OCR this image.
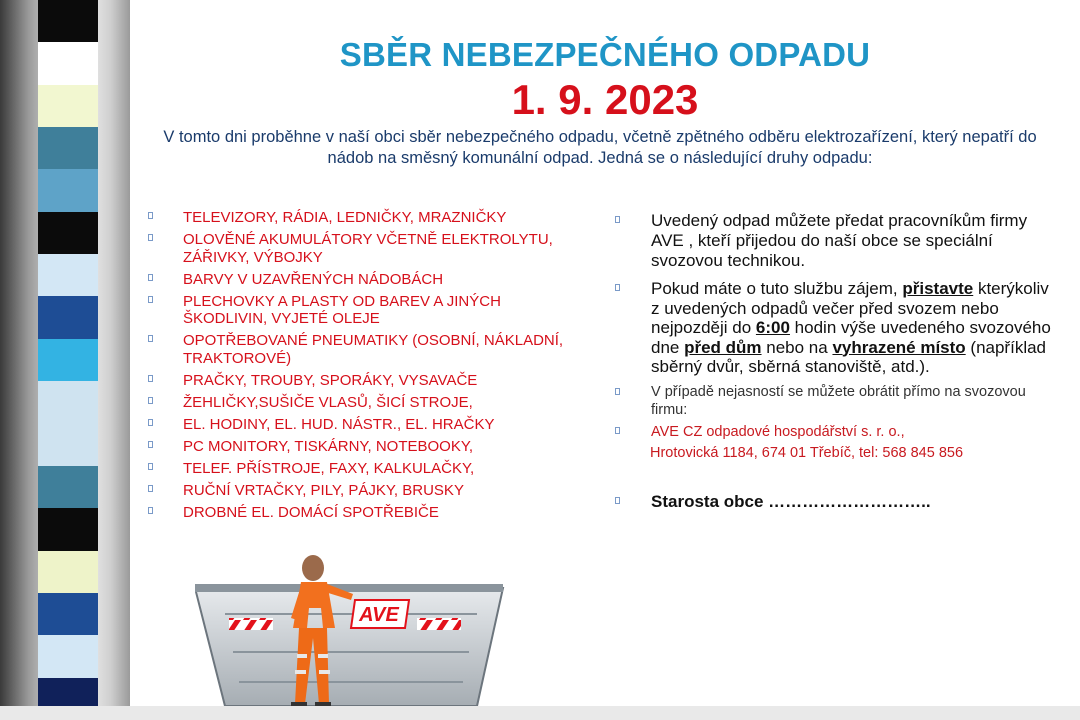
SBĚR NEBEZPEČNÉHO ODPADU
1. 9. 2023

V tomto dni proběhne v naší obci sběr nebezpečného odpadu, včetně zpětného odběru elektrozařízení, který nepatří do nádob na směsný komunální odpad. Jedná se o následující druhy odpadu:

TELEVIZORY, RÁDIA, LEDNIČKY, MRAZNIČKY
OLOVĚNÉ AKUMULÁTORY VČETNĚ ELEKTROLYTU, ZÁŘIVKY, VÝBOJKY
BARVY V UZAVŘENÝCH NÁDOBÁCH
PLECHOVKY A PLASTY OD BAREV A JINÝCH ŠKODLIVIN, VYJETÉ OLEJE
OPOTŘEBOVANÉ PNEUMATIKY (OSOBNÍ, NÁKLADNÍ, TRAKTOROVÉ)
PRAČKY, TROUBY, SPORÁKY, VYSAVAČE
ŽEHLIČKY,SUŠIČE VLASŮ, ŠICÍ STROJE,
EL. HODINY, EL. HUD. NÁSTR., EL. HRAČKY
PC MONITORY, TISKÁRNY, NOTEBOOKY,
TELEF. PŘÍSTROJE, FAXY, KALKULAČKY,
RUČNÍ VRTAČKY, PILY, PÁJKY, BRUSKY
DROBNÉ EL. DOMÁCÍ SPOTŘEBIČE
Uvedený odpad můžete předat pracovníkům firmy AVE , kteří přijedou do naší obce se speciální svozovou technikou.
Pokud máte o tuto službu zájem, přistavte kterýkoliv z uvedených odpadů večer před svozem nebo nejpozději do 6:00 hodin výše uvedeného svozového dne před dům nebo na vyhrazené místo (například sběrný dvůr, sběrná stanoviště, atd.).
V případě nejasností se můžete obrátit přímo na svozovou firmu:
AVE CZ odpadové hospodářství s. r. o.,
Hrotovická 1184, 674 01 Třebíč, tel: 568 845 856
Starosta obce ………………………..
AVE
